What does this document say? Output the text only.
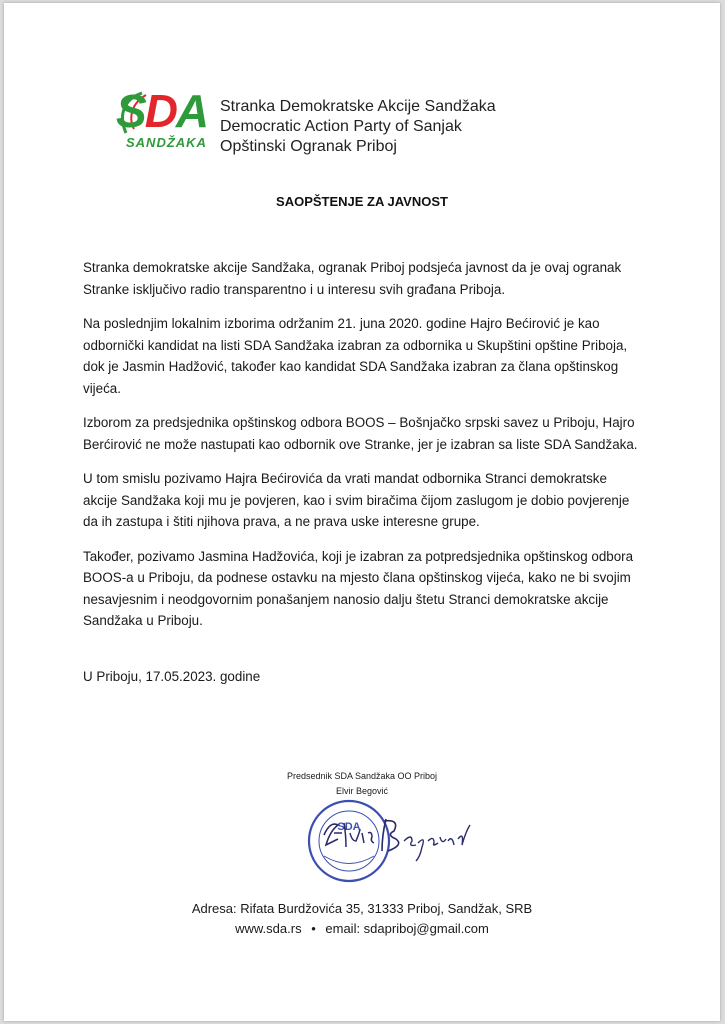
SDA
SANDŽAKA
Stranka Demokratske Akcije Sandžaka
Democratic Action Party of Sanjak
Opštinski Ogranak Priboj
SAOPŠTENJE ZA JAVNOST

Stranka demokratske akcije Sandžaka, ogranak Priboj podsjeća javnost da je ovaj ogranak Stranke isključivo radio transparentno i u interesu svih građana Priboja.

Na poslednjim lokalnim izborima održanim 21. juna 2020. godine Hajro Bećirović je kao odbornički kandidat na listi SDA Sandžaka izabran za odbornika u Skupštini opštine Priboja, dok je Jasmin Hadžović, također kao kandidat SDA Sandžaka izabran za člana opštinskog vijeća.

Izborom za predsjednika opštinskog odbora BOOS – Bošnjačko srpski savez u Priboju, Hajro Berćirović ne može nastupati kao odbornik ove Stranke, jer je izabran sa liste SDA Sandžaka.

U tom smislu pozivamo Hajra Bećirovića da vrati mandat odbornika Stranci demokratske akcije Sandžaka koji mu je povjeren, kao i svim biračima čijom zaslugom je dobio povjerenje da ih zastupa i štiti njihova prava, a ne prava uske interesne grupe.

Također, pozivamo Jasmina Hadžovića, koji je izabran za potpredsjednika opštinskog odbora BOOS-a u Priboju, da podnese ostavku na mjesto člana opštinskog vijeća, kako ne bi svojim nesavjesnim i neodgovornim ponašanjem nanosio dalju štetu Stranci demokratske akcije Sandžaka u Priboju.

U Priboju, 17.05.2023. godine
Predsednik SDA Sandžaka OO Priboj
Elvir Begović
SDA
Adresa: Rifata Burdžovića 35, 31333 Priboj, Sandžak, SRB
www.sda.rs • email: sdapriboj@gmail.com
